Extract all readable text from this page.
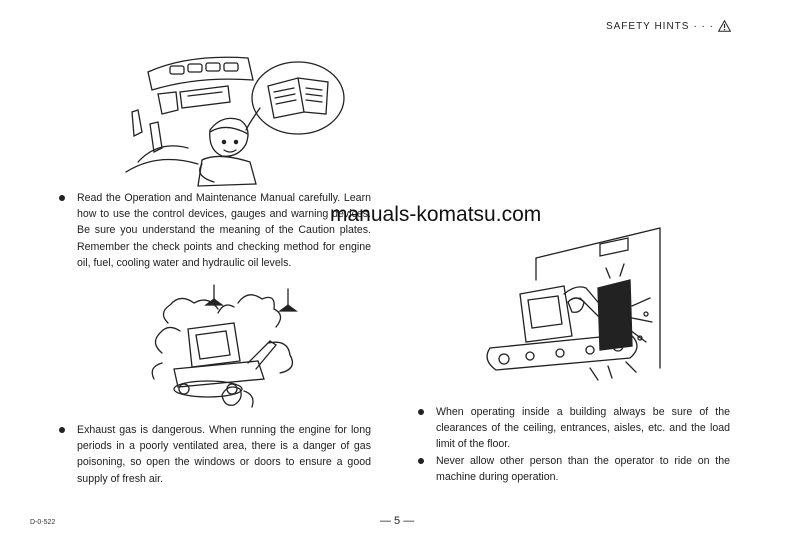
SAFETY HINTS · · ·
Read the Operation and Maintenance Manual carefully. Learn how to use the control devices, gauges and warning devices. Be sure you understand the meaning of the Caution plates. Remember the check points and checking method for engine oil, fuel, cooling water and hydraulic oil levels.
manuals-komatsu.com
Exhaust gas is dangerous. When running the engine for long periods in a poorly ventilated area, there is a danger of gas poisoning, so open the windows or doors to ensure a good supply of fresh air.
When operating inside a building always be sure of the clearances of the ceiling, entrances, aisles, etc. and the load limit of the floor.
Never allow other person than the operator to ride on the machine during operation.
D-0-522	— 5 —
